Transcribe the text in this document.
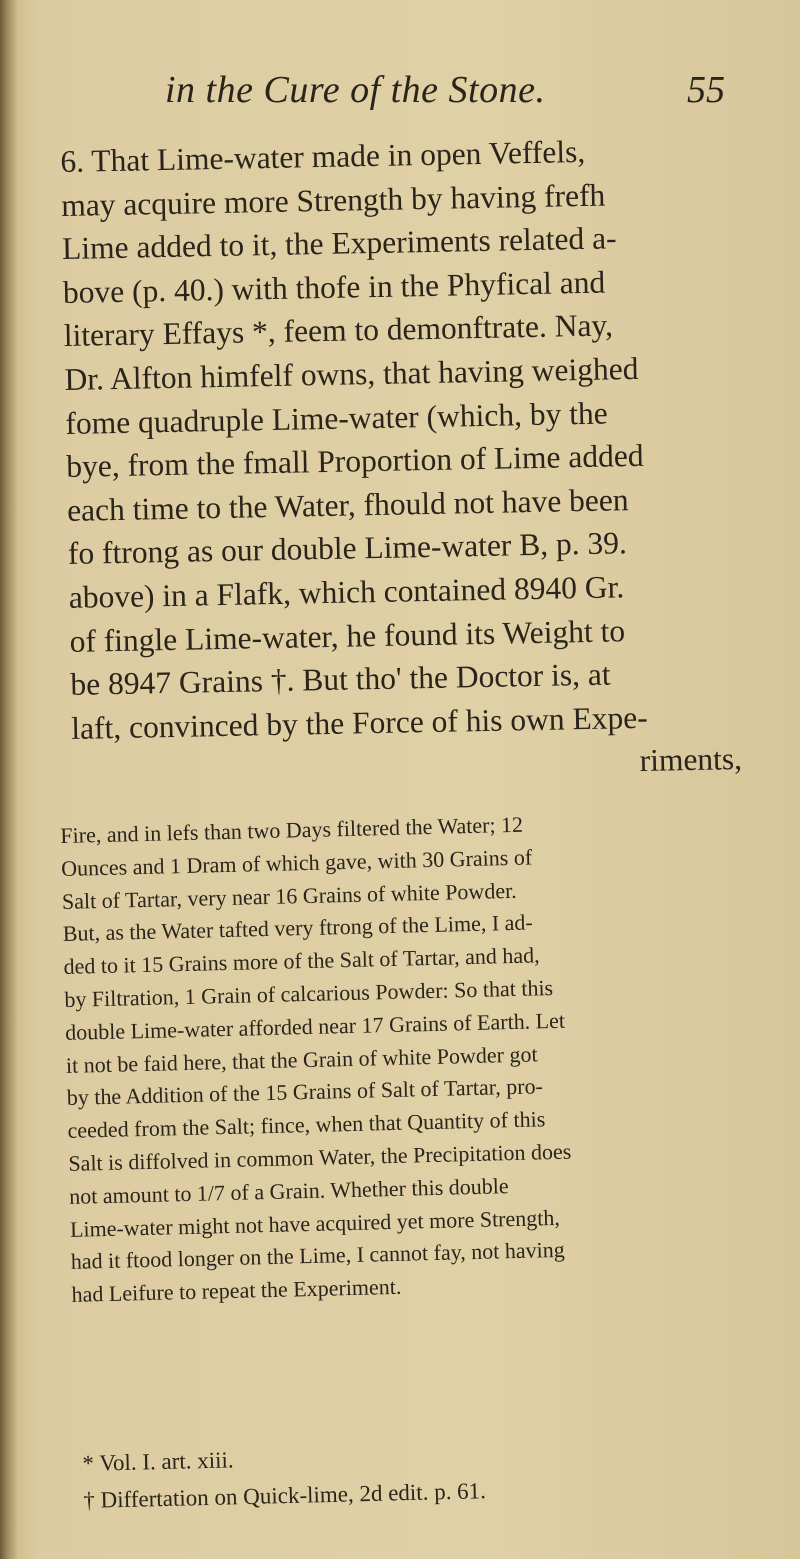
in the Cure of the Stone.	55

6. That Lime-water made in open Veffels,
may acquire more Strength by having frefh
Lime added to it, the Experiments related a-
bove (p. 40.) with thofe in the Phyfical and
literary Effays *, feem to demonftrate. Nay,
Dr. Alfton himfelf owns, that having weighed
fome quadruple Lime-water (which, by the
bye, from the fmall Proportion of Lime added
each time to the Water, fhould not have been
fo ftrong as our double Lime-water B, p. 39.
above) in a Flafk, which contained 8940 Gr.
of fingle Lime-water, he found its Weight to
be 8947 Grains †. But tho' the Doctor is, at
laft, convinced by the Force of his own Expe-
riments,

Fire, and in lefs than two Days filtered the Water; 12
Ounces and 1 Dram of which gave, with 30 Grains of
Salt of Tartar, very near 16 Grains of white Powder.
But, as the Water tafted very ftrong of the Lime, I ad-
ded to it 15 Grains more of the Salt of Tartar, and had,
by Filtration, 1 Grain of calcarious Powder: So that this
double Lime-water afforded near 17 Grains of Earth. Let
it not be faid here, that the Grain of white Powder got
by the Addition of the 15 Grains of Salt of Tartar, pro-
ceeded from the Salt; fince, when that Quantity of this
Salt is diffolved in common Water, the Precipitation does
not amount to 1/7 of a Grain. Whether this double
Lime-water might not have acquired yet more Strength,
had it ftood longer on the Lime, I cannot fay, not having
had Leifure to repeat the Experiment.

* Vol. I. art. xiii.
† Differtation on Quick-lime, 2d edit. p. 61.
